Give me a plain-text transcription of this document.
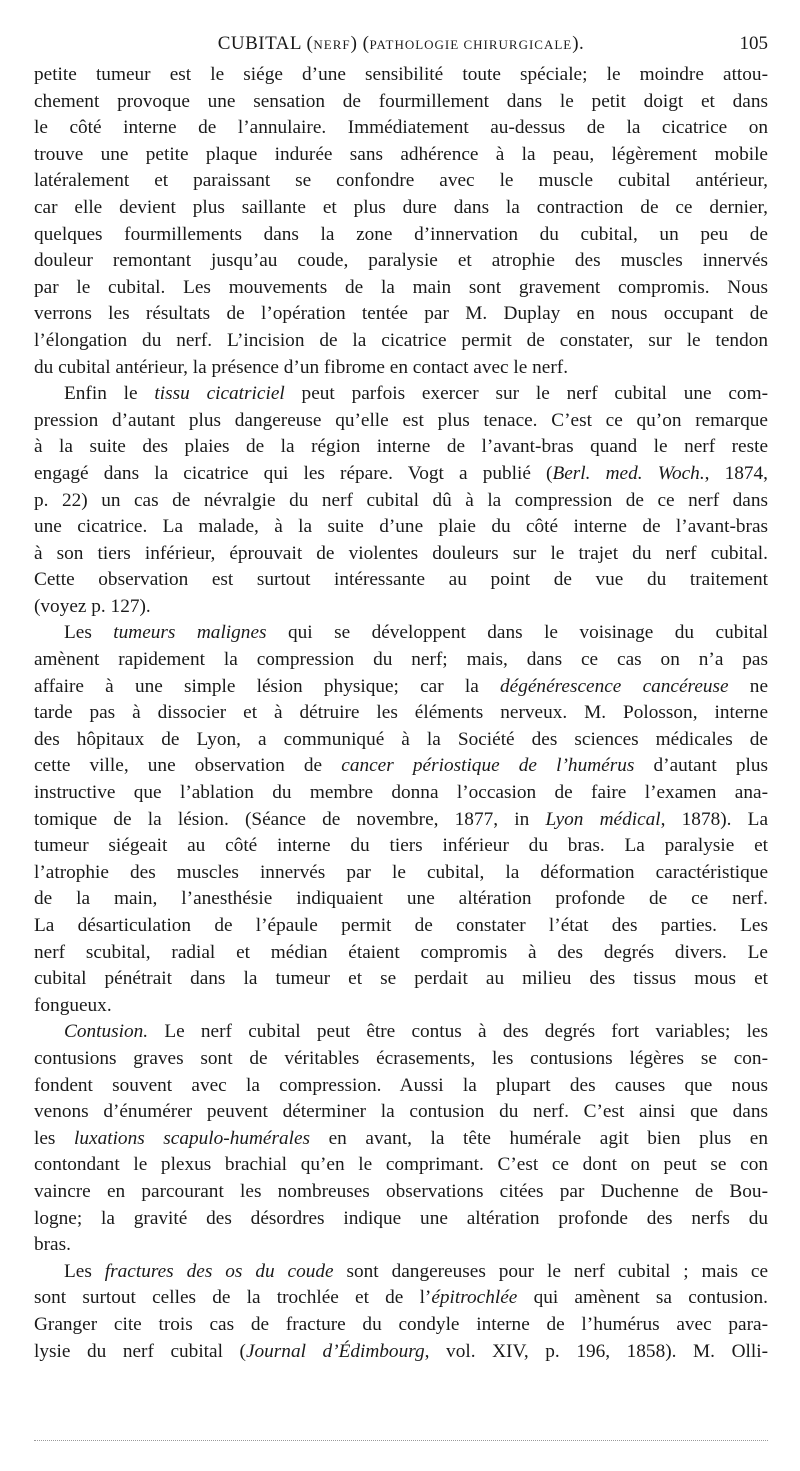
CUBITAL (NERF) (PATHOLOGIE CHIRURGICALE).	105
petite tumeur est le siége d’une sensibilité toute spéciale; le moindre attou-
chement provoque une sensation de fourmillement dans le petit doigt et dans
le côté interne de l’annulaire. Immédiatement au-dessus de la cicatrice on
trouve une petite plaque indurée sans adhérence à la peau, légèrement mobile
latéralement et paraissant se confondre avec le muscle cubital antérieur,
car elle devient plus saillante et plus dure dans la contraction de ce dernier,
quelques fourmillements dans la zone d’innervation du cubital, un peu de
douleur remontant jusqu’au coude, paralysie et atrophie des muscles innervés
par le cubital. Les mouvements de la main sont gravement compromis. Nous
verrons les résultats de l’opération tentée par M. Duplay en nous occupant de
l’élongation du nerf. L’incision de la cicatrice permit de constater, sur le tendon
du cubital antérieur, la présence d’un fibrome en contact avec le nerf.
Enfin le tissu cicatriciel peut parfois exercer sur le nerf cubital une com-
pression d’autant plus dangereuse qu’elle est plus tenace. C’est ce qu’on remarque
à la suite des plaies de la région interne de l’avant-bras quand le nerf reste
engagé dans la cicatrice qui les répare. Vogt a publié (Berl. med. Woch., 1874,
p. 22) un cas de névralgie du nerf cubital dû à la compression de ce nerf dans
une cicatrice. La malade, à la suite d’une plaie du côté interne de l’avant-bras
à son tiers inférieur, éprouvait de violentes douleurs sur le trajet du nerf cubital.
Cette observation est surtout intéressante au point de vue du traitement
(voyez p. 127).
Les tumeurs malignes qui se développent dans le voisinage du cubital
amènent rapidement la compression du nerf; mais, dans ce cas on n’a pas
affaire à une simple lésion physique; car la dégénérescence cancéreuse ne
tarde pas à dissocier et à détruire les éléments nerveux. M. Polosson, interne
des hôpitaux de Lyon, a communiqué à la Société des sciences médicales de
cette ville, une observation de cancer périostique de l’humérus d’autant plus
instructive que l’ablation du membre donna l’occasion de faire l’examen ana-
tomique de la lésion. (Séance de novembre, 1877, in Lyon médical, 1878). La
tumeur siégeait au côté interne du tiers inférieur du bras. La paralysie et
l’atrophie des muscles innervés par le cubital, la déformation caractéristique
de la main, l’anesthésie indiquaient une altération profonde de ce nerf.
La désarticulation de l’épaule permit de constater l’état des parties. Les
nerf scubital, radial et médian étaient compromis à des degrés divers. Le
cubital pénétrait dans la tumeur et se perdait au milieu des tissus mous et
fongueux.
Contusion. Le nerf cubital peut être contus à des degrés fort variables; les
contusions graves sont de véritables écrasements, les contusions légères se con-
fondent souvent avec la compression. Aussi la plupart des causes que nous
venons d’énumérer peuvent déterminer la contusion du nerf. C’est ainsi que dans
les luxations scapulo-humérales en avant, la tête humérale agit bien plus en
contondant le plexus brachial qu’en le comprimant. C’est ce dont on peut se con
vaincre en parcourant les nombreuses observations citées par Duchenne de Bou-
logne; la gravité des désordres indique une altération profonde des nerfs du
bras.
Les fractures des os du coude sont dangereuses pour le nerf cubital ; mais ce
sont surtout celles de la trochlée et de l’épitrochlée qui amènent sa contusion.
Granger cite trois cas de fracture du condyle interne de l’humérus avec para-
lysie du nerf cubital (Journal d’Édimbourg, vol. XIV, p. 196, 1858). M. Olli-
